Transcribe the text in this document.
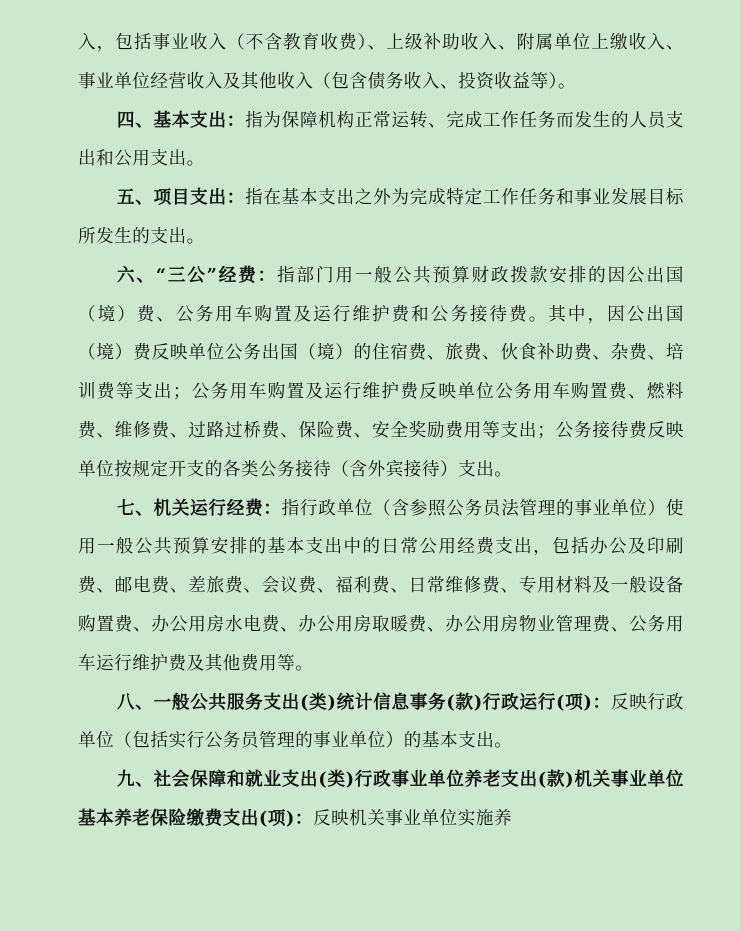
入，包括事业收入（不含教育收费）、上级补助收入、附属单位上缴收入、事业单位经营收入及其他收入（包含债务收入、投资收益等）。

四、基本支出：指为保障机构正常运转、完成工作任务而发生的人员支出和公用支出。

五、项目支出：指在基本支出之外为完成特定工作任务和事业发展目标所发生的支出。

六、“三公”经费：指部门用一般公共预算财政拨款安排的因公出国（境）费、公务用车购置及运行维护费和公务接待费。其中，因公出国（境）费反映单位公务出国（境）的住宿费、旅费、伙食补助费、杂费、培训费等支出；公务用车购置及运行维护费反映单位公务用车购置费、燃料费、维修费、过路过桥费、保险费、安全奖励费用等支出；公务接待费反映单位按规定开支的各类公务接待（含外宾接待）支出。

七、机关运行经费：指行政单位（含参照公务员法管理的事业单位）使用一般公共预算安排的基本支出中的日常公用经费支出，包括办公及印刷费、邮电费、差旅费、会议费、福利费、日常维修费、专用材料及一般设备购置费、办公用房水电费、办公用房取暖费、办公用房物业管理费、公务用车运行维护费及其他费用等。

八、一般公共服务支出(类)统计信息事务(款)行政运行(项)：反映行政单位（包括实行公务员管理的事业单位）的基本支出。

九、社会保障和就业支出(类)行政事业单位养老支出(款)机关事业单位基本养老保险缴费支出(项)：反映机关事业单位实施养
